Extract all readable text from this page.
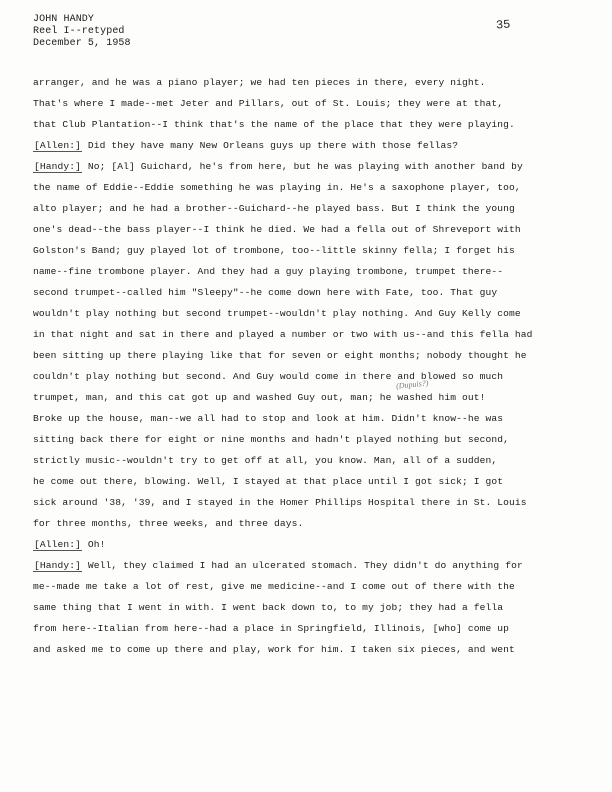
JOHN HANDY
Reel I--retyped
December 5, 1958
35
arranger, and he was a piano player; we had ten pieces in there, every night.
That's where I made--met Jeter and Pillars, out of St. Louis; they were at that,
that Club Plantation--I think that's the name of the place that they were playing.
[Allen:] Did they have many New Orleans guys up there with those fellas?
[Handy:] No; [Al] Guichard, he's from here, but he was playing with another band by
the name of Eddie--Eddie something he was playing in. He's a saxophone player, too,
alto player; and he had a brother--Guichard--he played bass. But I think the young
one's dead--the bass player--I think he died. We had a fella out of Shreveport with
Golston's Band; guy played lot of trombone, too--little skinny fella; I forget his
name--fine trombone player. And they had a guy playing trombone, trumpet there--
second trumpet--called him "Sleepy"--he come down here with Fate, too. That guy
wouldn't play nothing but second trumpet--wouldn't play nothing. And Guy Kelly come
in that night and sat in there and played a number or two with us--and this fella had
been sitting up there playing like that for seven or eight months; nobody thought he
couldn't play nothing but second. And Guy would come in there and blowed so much
trumpet, man, and this cat got up and washed Guy out, man; he washed him out!
Broke up the house, man--we all had to stop and look at him. Didn't know--he was
sitting back there for eight or nine months and hadn't played nothing but second,
strictly music--wouldn't try to get off at all, you know. Man, all of a sudden,
he come out there, blowing. Well, I stayed at that place until I got sick; I got
sick around '38, '39, and I stayed in the Homer Phillips Hospital there in St. Louis
for three months, three weeks, and three days.
[Allen:] Oh!
[Handy:] Well, they claimed I had an ulcerated stomach. They didn't do anything for
me--made me take a lot of rest, give me medicine--and I come out of there with the
same thing that I went in with. I went back down to, to my job; they had a fella
from here--Italian from here--had a place in Springfield, Illinois, [who] come up
and asked me to come up there and play, work for him. I taken six pieces, and went
(Dupuis?)
